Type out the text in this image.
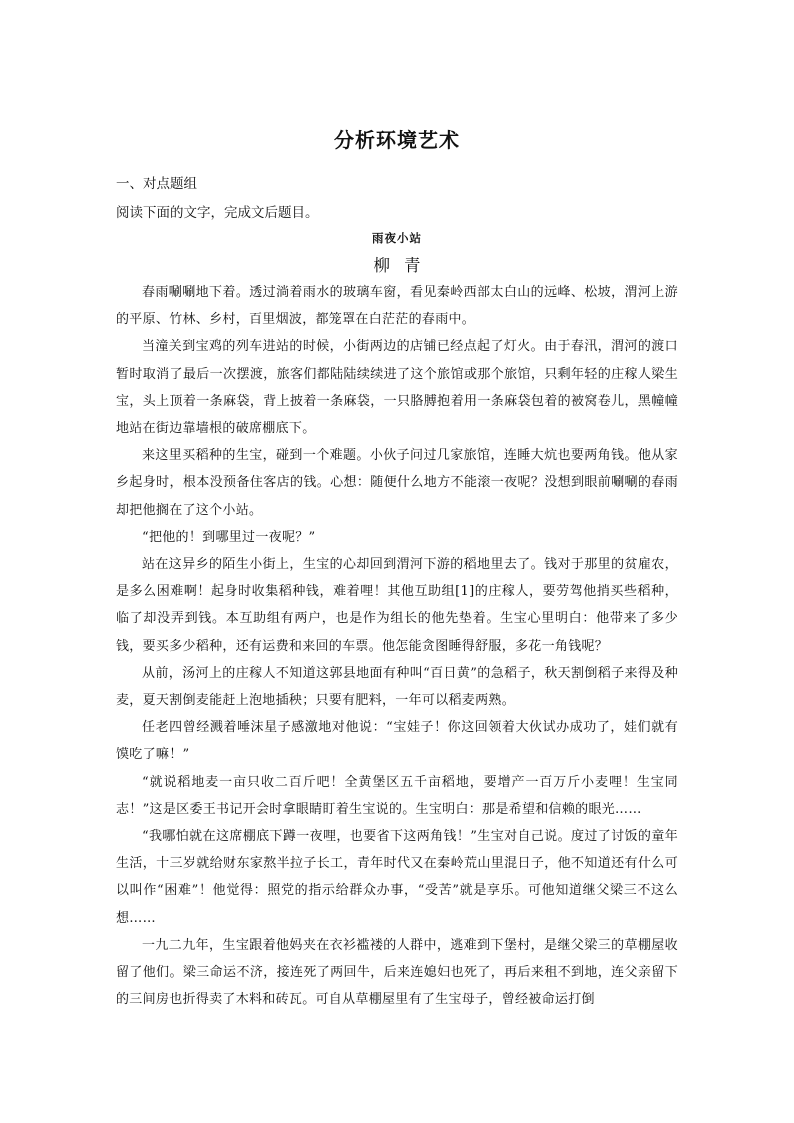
分析环境艺术
一、对点题组
阅读下面的文字，完成文后题目。
雨夜小站
柳青

春雨唰唰地下着。透过淌着雨水的玻璃车窗，看见秦岭西部太白山的远峰、松坡，渭河上游的平原、竹林、乡村，百里烟波，都笼罩在白茫茫的春雨中。

当潼关到宝鸡的列车进站的时候，小街两边的店铺已经点起了灯火。由于春汛，渭河的渡口暂时取消了最后一次摆渡，旅客们都陆陆续续进了这个旅馆或那个旅馆，只剩年轻的庄稼人梁生宝，头上顶着一条麻袋，背上披着一条麻袋，一只胳膊抱着用一条麻袋包着的被窝卷儿，黑幢幢地站在街边靠墙根的破席棚底下。

来这里买稻种的生宝，碰到一个难题。小伙子问过几家旅馆，连睡大炕也要两角钱。他从家乡起身时，根本没预备住客店的钱。心想：随便什么地方不能滚一夜呢？没想到眼前唰唰的春雨却把他搁在了这个小站。

“把他的！到哪里过一夜呢？”

站在这异乡的陌生小街上，生宝的心却回到渭河下游的稻地里去了。钱对于那里的贫雇农，是多么困难啊！起身时收集稻种钱，难着哩！其他互助组[1]的庄稼人，要劳驾他捎买些稻种，临了却没弄到钱。本互助组有两户，也是作为组长的他先垫着。生宝心里明白：他带来了多少钱，要买多少稻种，还有运费和来回的车票。他怎能贪图睡得舒服，多花一角钱呢？

从前，汤河上的庄稼人不知道这郭县地面有种叫“百日黄”的急稻子，秋天割倒稻子来得及种麦，夏天割倒麦能赶上泡地插秧；只要有肥料，一年可以稻麦两熟。

任老四曾经溅着唾沫星子感激地对他说：“宝娃子！你这回领着大伙试办成功了，娃们就有馍吃了嘛！”

“就说稻地麦一亩只收二百斤吧！全黄堡区五千亩稻地，要增产一百万斤小麦哩！生宝同志！”这是区委王书记开会时拿眼睛盯着生宝说的。生宝明白：那是希望和信赖的眼光……

“我哪怕就在这席棚底下蹲一夜哩，也要省下这两角钱！”生宝对自己说。度过了讨饭的童年生活，十三岁就给财东家熬半拉子长工，青年时代又在秦岭荒山里混日子，他不知道还有什么可以叫作“困难”！他觉得：照党的指示给群众办事，“受苦”就是享乐。可他知道继父梁三不这么想……

一九二九年，生宝跟着他妈夹在衣衫褴褛的人群中，逃难到下堡村，是继父梁三的草棚屋收留了他们。梁三命运不济，接连死了两回牛，后来连媳妇也死了，再后来租不到地，连父亲留下的三间房也折得卖了木料和砖瓦。可自从草棚屋里有了生宝母子，曾经被命运打倒
